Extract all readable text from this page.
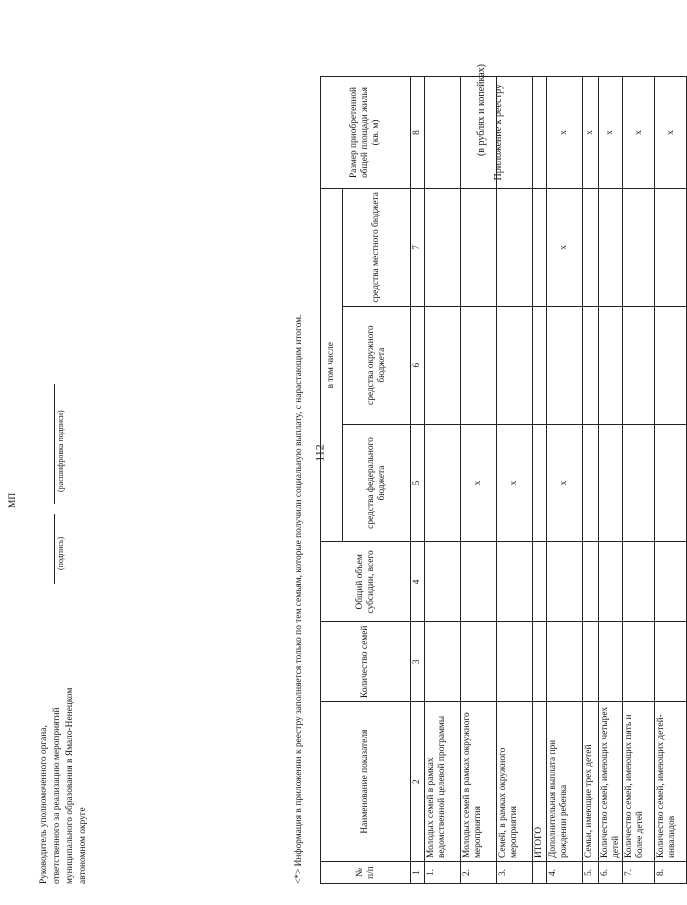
112
Приложение к реестру
(в рублях и копейках)
№ п/п	Наименование показателя	Количество семей	Общий объем субсидии, всего	в том числе			Размер приобретенной общей площади жилья (кв. м)
				средства федерального бюджета	средства окружного бюджета	средства местного бюджета	
1	2	3	4	5	6	7	8
1.	Молодых семей в рамках ведомственной целевой программы						
2.	Молодых семей в рамках окружного мероприятия			x			
3.	Семей, в рамках окружного мероприятия			x			
	ИТОГО						
4.	Дополнительная выплата при рождении ребенка			x		x	x
5.	Семьи, имеющие трех детей						x
6.	Количество семей, имеющих четырех детей						x
7.	Количество семей, имеющих пять и более детей						x
8.	Количество семей, имеющих детей-инвалидов						x
<*> Информация в приложении к реестру заполняется только по тем семьям, которые получили социальную выплату, с нарастающим итогом.
Руководитель уполномоченного органа, ответственного за реализацию мероприятий муниципального образования в Ямало-Ненецком автономном округе
(подпись)
(расшифровка подписи)
МП
